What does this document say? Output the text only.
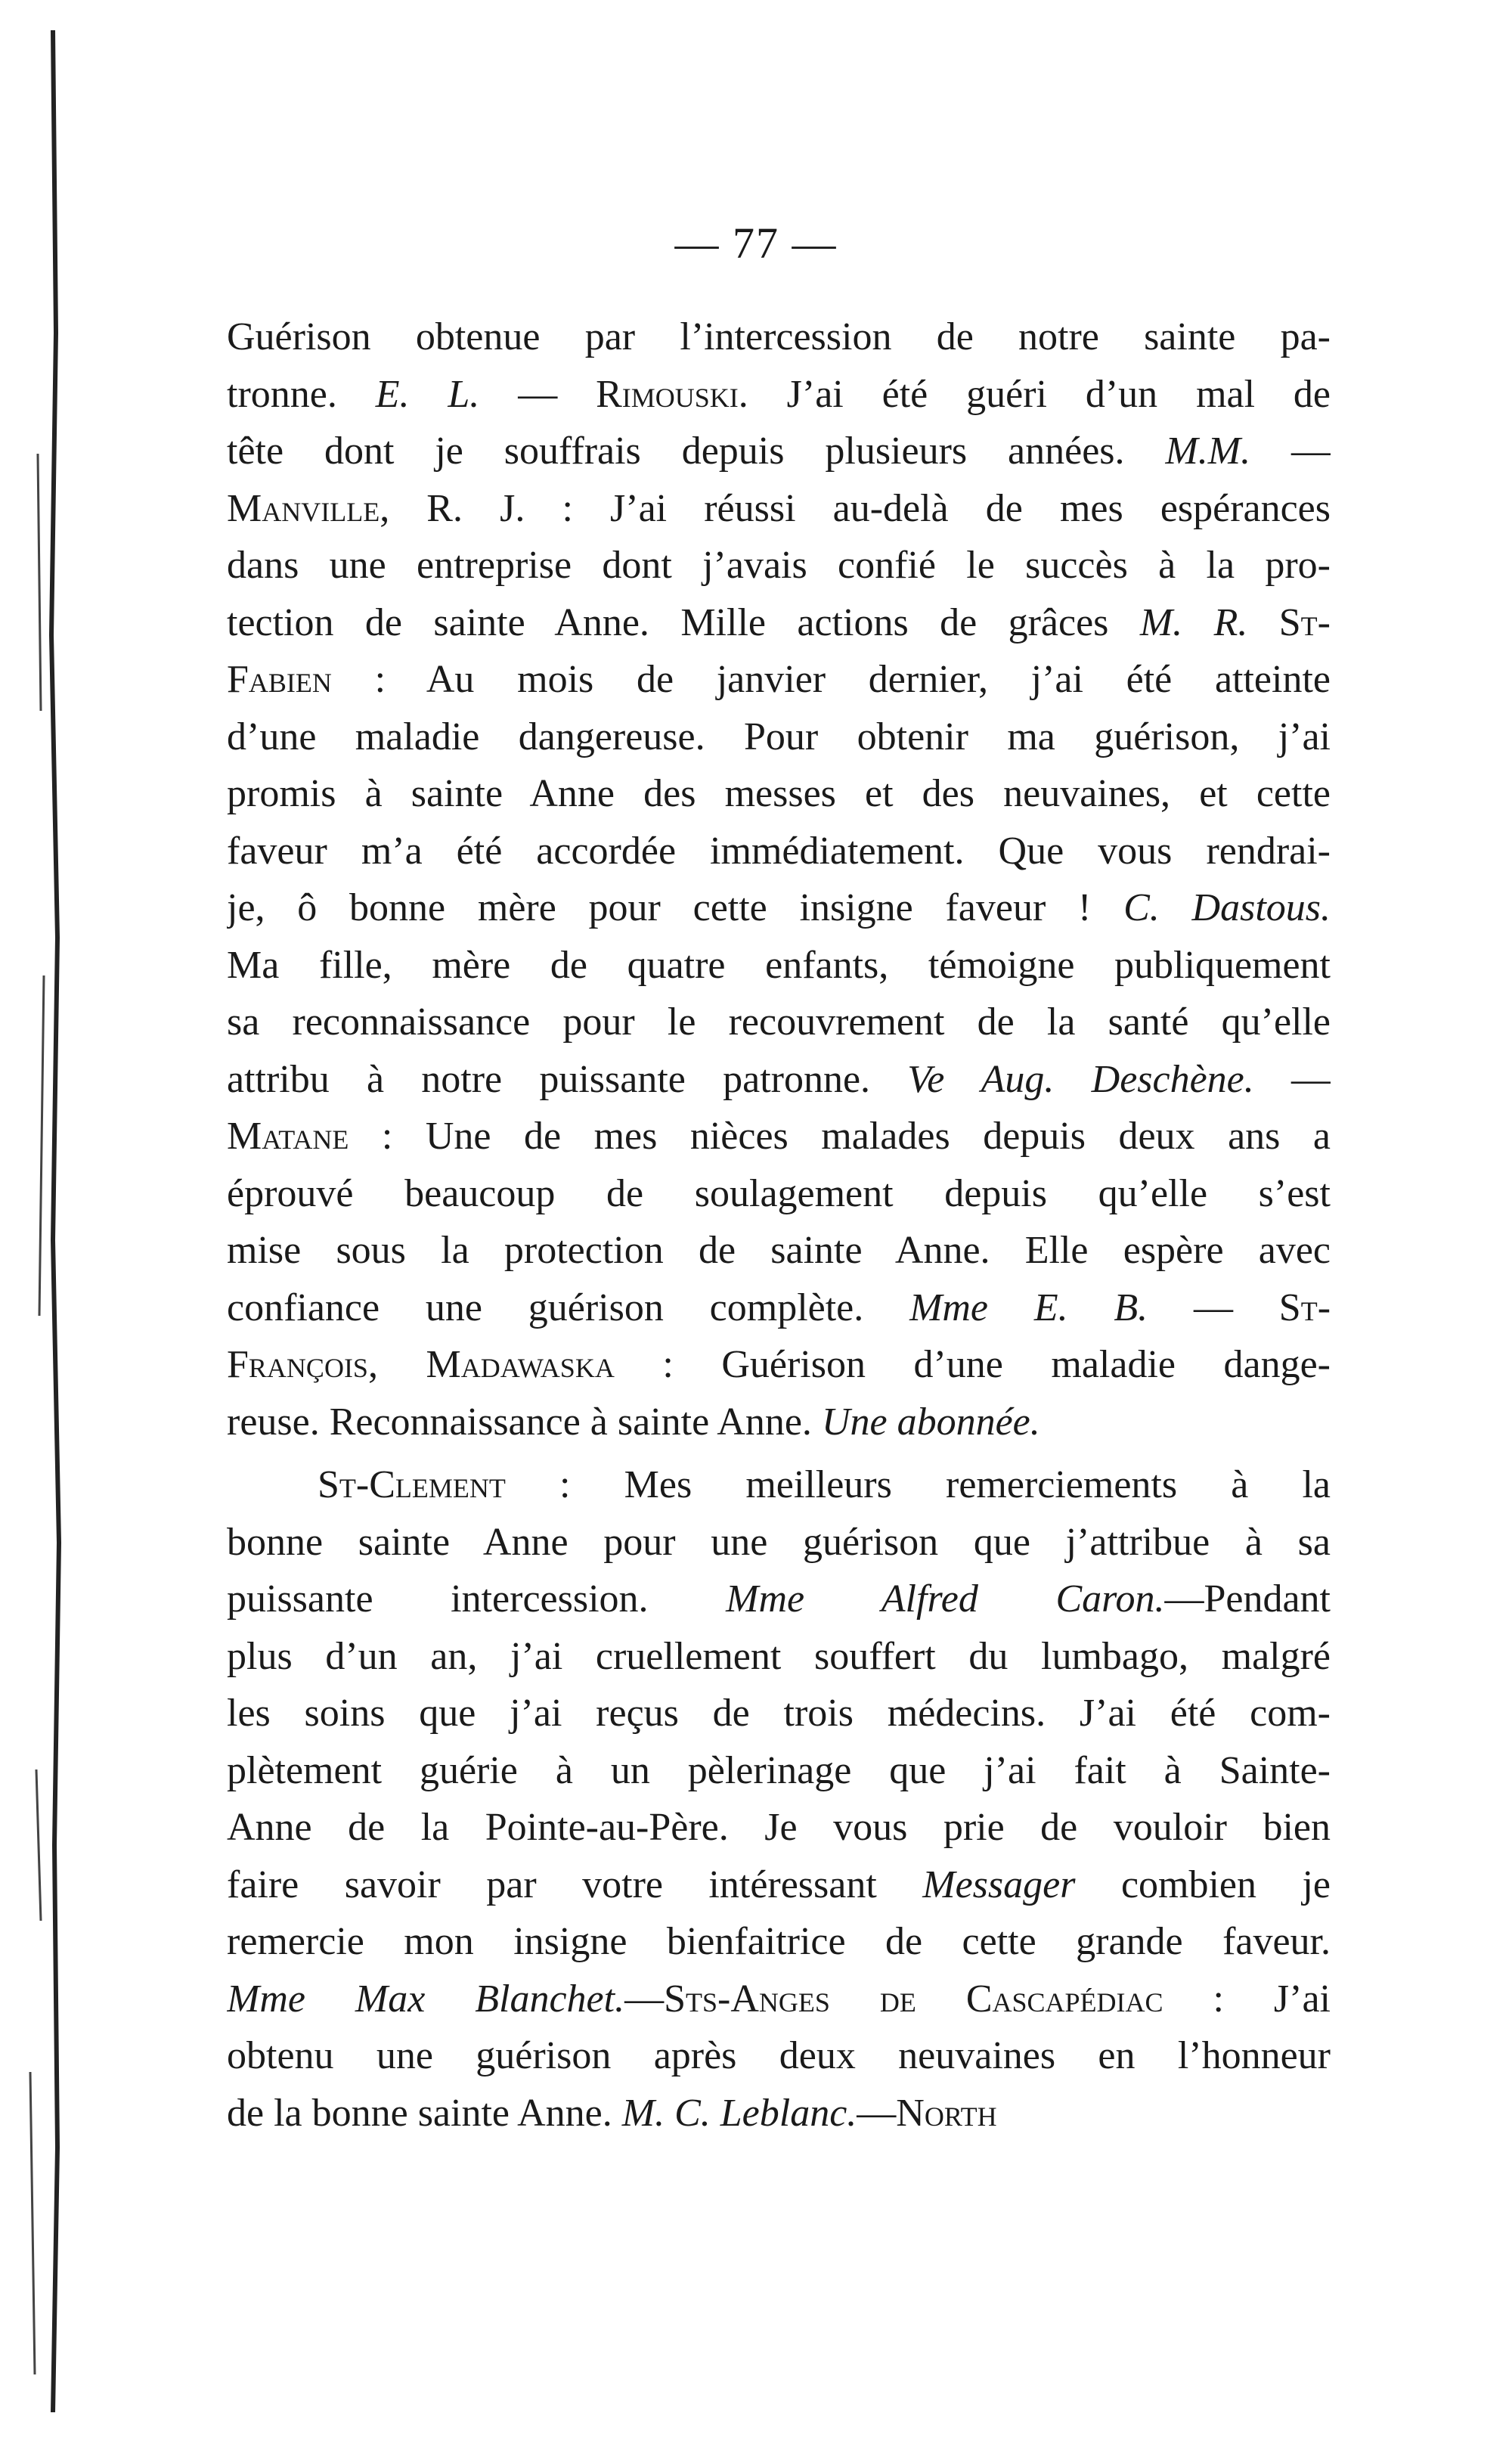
— 77 —
Guérison obtenue par l’intercession de notre sainte pa-
tronne. E. L. — Rimouski. J’ai été guéri d’un mal de
tête dont je souffrais depuis plusieurs années. M.M. —
Manville, R. J. : J’ai réussi au-delà de mes espérances
dans une entreprise dont j’avais confié le succès à la pro-
tection de sainte Anne. Mille actions de grâces M. R. St-
Fabien : Au mois de janvier dernier, j’ai été atteinte
d’une maladie dangereuse. Pour obtenir ma guérison, j’ai
promis à sainte Anne des messes et des neuvaines, et cette
faveur m’a été accordée immédiatement. Que vous rendrai-
je, ô bonne mère pour cette insigne faveur ! C. Dastous.
Ma fille, mère de quatre enfants, témoigne publiquement
sa reconnaissance pour le recouvrement de la santé qu’elle
attribu à notre puissante patronne. Ve Aug. Deschène. —
Matane : Une de mes nièces malades depuis deux ans a
éprouvé beaucoup de soulagement depuis qu’elle s’est
mise sous la protection de sainte Anne. Elle espère avec
confiance une guérison complète. Mme E. B. — St-
François, Madawaska : Guérison d’une maladie dange-
reuse. Reconnaissance à sainte Anne. Une abonnée.
St-Clement : Mes meilleurs remerciements à la
bonne sainte Anne pour une guérison que j’attribue à sa
puissante intercession. Mme Alfred Caron.—Pendant
plus d’un an, j’ai cruellement souffert du lumbago, malgré
les soins que j’ai reçus de trois médecins. J’ai été com-
plètement guérie à un pèlerinage que j’ai fait à Sainte-
Anne de la Pointe-au-Père. Je vous prie de vouloir bien
faire savoir par votre intéressant Messager combien je
remercie mon insigne bienfaitrice de cette grande faveur.
Mme Max Blanchet.—Sts-Anges de Cascapédiac : J’ai
obtenu une guérison après deux neuvaines en l’honneur
de la bonne sainte Anne. M. C. Leblanc.—North
